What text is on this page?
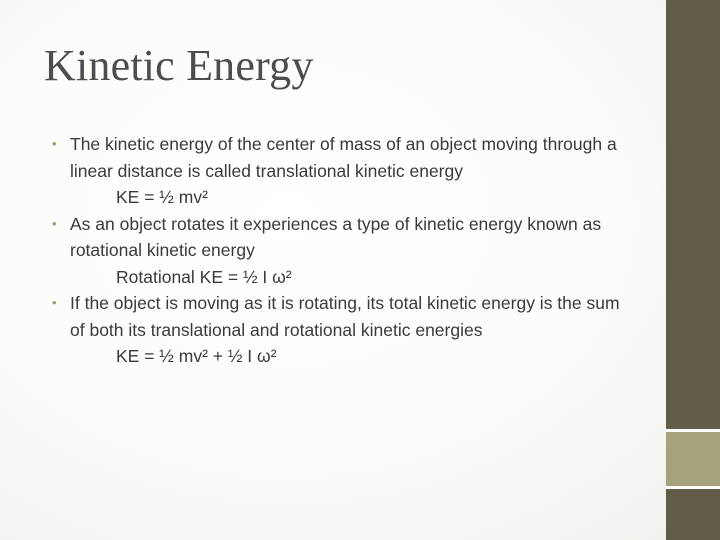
Kinetic Energy
• The kinetic energy of the center of mass of an object moving through a linear distance is called translational kinetic energy
KE = ½ mv²
• As an object rotates it experiences a type of kinetic energy known as rotational kinetic energy
Rotational KE = ½ I ω²
• If the object is moving as it is rotating, its total kinetic energy is the sum of both its translational and rotational kinetic energies
KE = ½ mv² + ½ I ω²
